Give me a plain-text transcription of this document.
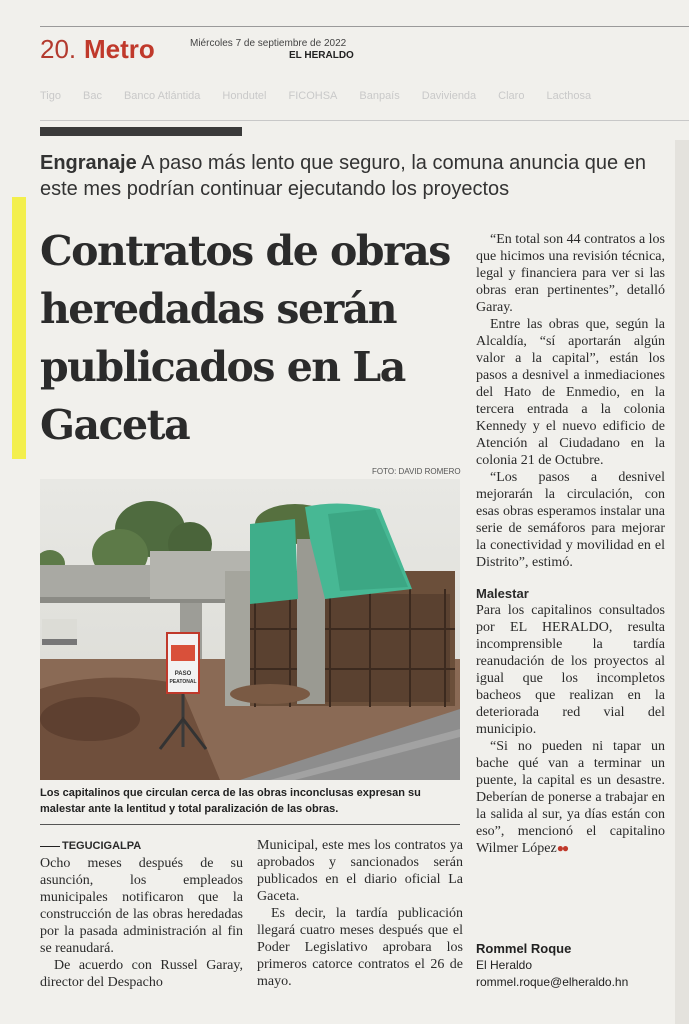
20. Metro	Miércoles 7 de septiembre de 2022
EL HERALDO
Tigo Bac Banco Atlántida Hondutel FICOHSA Banpaís Davivienda Claro Lacthosa
Engranaje A paso más lento que seguro, la comuna anuncia que en este mes podrían continuar ejecutando los proyectos
Contratos de obras heredadas serán publicados en La Gaceta
FOTO: DAVID ROMERO
PASO
PEATONAL
Los capitalinos que circulan cerca de las obras inconclusas expresan su malestar ante la lentitud y total paralización de las obras.

TEGUCIGALPA

Ocho meses después de su asunción, los empleados municipales notificaron que la construcción de las obras heredadas por la pasada administración al fin se reanudará.

De acuerdo con Russel Garay, director del Despacho

Municipal, este mes los contratos ya aprobados y sancionados serán publicados en el diario oficial La Gaceta.

Es decir, la tardía publicación llegará cuatro meses después que el Poder Legislativo aprobara los primeros catorce contratos el 26 de mayo.

“En total son 44 contratos a los que hicimos una revisión técnica, legal y financiera para ver si las obras eran pertinentes”, detalló Garay.

Entre las obras que, según la Alcaldía, “sí aportarán algún valor a la capital”, están los pasos a desnivel a inmediaciones del Hato de Enmedio, en la tercera entrada a la colonia Kennedy y el nuevo edificio de Atención al Ciudadano en la colonia 21 de Octubre.

“Los pasos a desnivel mejorarán la circulación, con esas obras esperamos instalar una serie de semáforos para mejorar la conectividad y movilidad en el Distrito”, estimó.

Malestar

Para los capitalinos consultados por EL HERALDO, resulta incomprensible la tardía reanudación de los proyectos al igual que los incompletos bacheos que realizan en la deteriorada red vial del municipio.

“Si no pueden ni tapar un bache qué van a terminar un puente, la capital es un desastre. Deberían de ponerse a trabajar en la salida al sur, ya días están con eso”, mencionó el capitalino Wilmer López●●

Rommel Roque
El Heraldo
rommel.roque@elheraldo.hn
